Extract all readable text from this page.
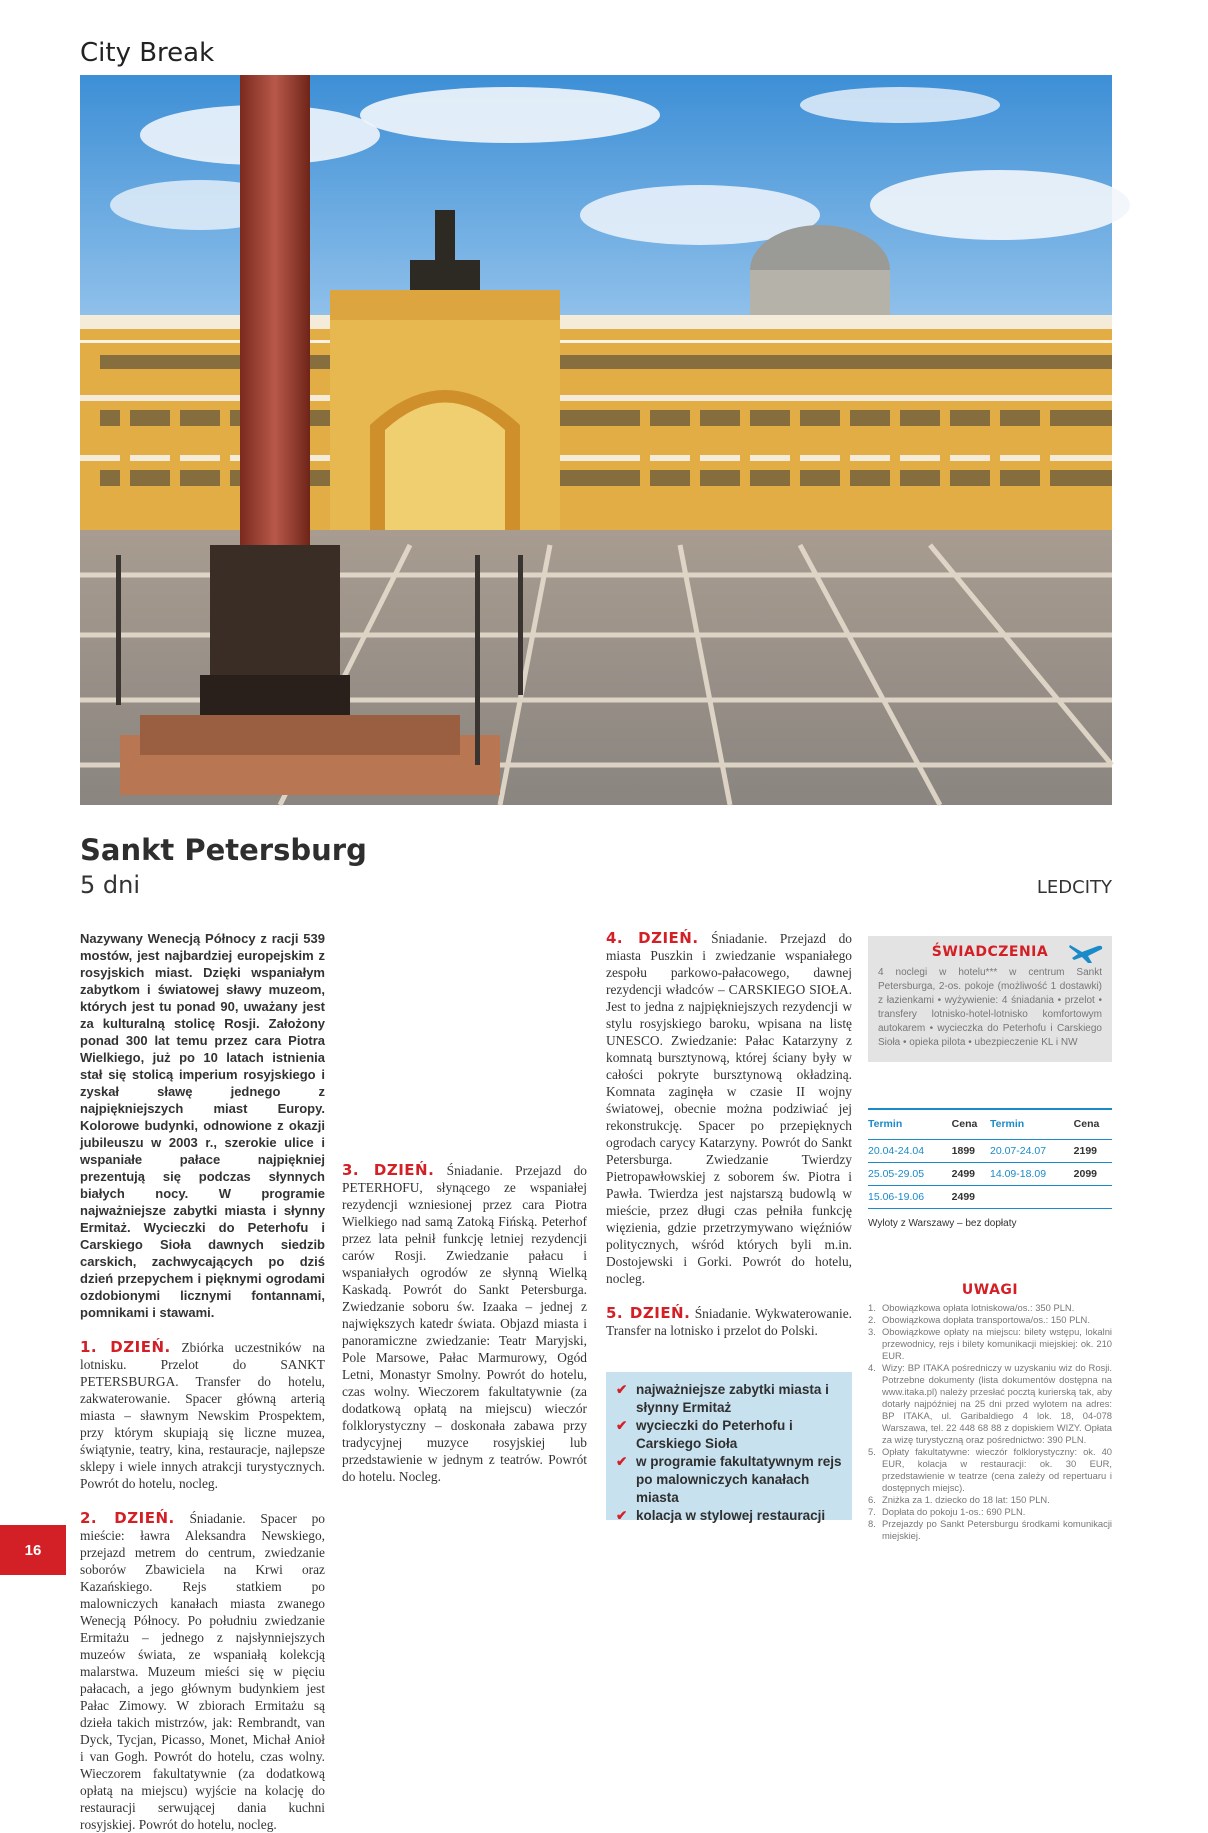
City Break
Sankt Petersburg
5 dni	LEDCITY

Nazywany Wenecją Północy z racji 539 mostów, jest najbardziej europejskim z rosyjskich miast. Dzięki wspaniałym zabytkom i światowej sławy muzeom, których jest tu ponad 90, uważany jest za kulturalną stolicę Rosji. Założony ponad 300 lat temu przez cara Piotra Wielkiego, już po 10 latach istnienia stał się stolicą imperium rosyjskiego i zyskał sławę jednego z najpiękniejszych miast Europy. Kolorowe budynki, odnowione z okazji jubileuszu w 2003 r., szerokie ulice i wspaniałe pałace najpiękniej prezentują się podczas słynnych białych nocy. W programie najważniejsze zabytki miasta i słynny Ermitaż. Wycieczki do Peterhofu i Carskiego Sioła dawnych siedzib carskich, zachwycających po dziś dzień przepychem i pięknymi ogrodami ozdobionymi licznymi fontannami, pomnikami i stawami.

1. DZIEŃ. Zbiórka uczestników na lotnisku. Przelot do SANKT PETERSBURGA. Transfer do hotelu, zakwaterowanie. Spacer główną arterią miasta – sławnym Newskim Prospektem, przy którym skupiają się liczne muzea, świątynie, teatry, kina, restauracje, najlepsze sklepy i wiele innych atrakcji turystycznych. Powrót do hotelu, nocleg.
2. DZIEŃ. Śniadanie. Spacer po mieście: ławra Aleksandra Newskiego, przejazd metrem do centrum, zwiedzanie soborów Zbawiciela na Krwi oraz Kazańskiego. Rejs statkiem po malowniczych kanałach miasta zwanego Wenecją Północy. Po południu zwiedzanie Ermitażu – jednego z najsłynniejszych muzeów świata, ze wspaniałą kolekcją malarstwa. Muzeum mieści się w pięciu pałacach, a jego głównym budynkiem jest Pałac Zimowy. W zbiorach Ermitażu są dzieła takich mistrzów, jak: Rembrandt, van Dyck, Tycjan, Picasso, Monet, Michał Anioł i van Gogh. Powrót do hotelu, czas wolny. Wieczorem fakultatywnie (za dodatkową opłatą na miejscu) wyjście na kolację do restauracji serwującej dania kuchni rosyjskiej. Powrót do hotelu, nocleg.
3. DZIEŃ. Śniadanie. Przejazd do PETERHOFU, słynącego ze wspaniałej rezydencji wzniesionej przez cara Piotra Wielkiego nad samą Zatoką Fińską. Peterhof przez lata pełnił funkcję letniej rezydencji carów Rosji. Zwiedzanie pałacu i wspaniałych ogrodów ze słynną Wielką Kaskadą. Powrót do Sankt Petersburga. Zwiedzanie soboru św. Izaaka – jednej z największych katedr świata. Objazd miasta i panoramiczne zwiedzanie: Teatr Maryjski, Pole Marsowe, Pałac Marmurowy, Ogód Letni, Monastyr Smolny. Powrót do hotelu, czas wolny. Wieczorem fakultatywnie (za dodatkową opłatą na miejscu) wieczór folklorystyczny – doskonała zabawa przy tradycyjnej muzyce rosyjskiej lub przedstawienie w jednym z teatrów. Powrót do hotelu. Nocleg.
4. DZIEŃ. Śniadanie. Przejazd do miasta Puszkin i zwiedzanie wspaniałego zespołu parkowo-pałacowego, dawnej rezydencji władców – CARSKIEGO SIOŁA. Jest to jedna z najpiękniejszych rezydencji w stylu rosyjskiego baroku, wpisana na listę UNESCO. Zwiedzanie: Pałac Katarzyny z komnatą bursztynową, której ściany były w całości pokryte bursztynową okładziną. Komnata zaginęła w czasie II wojny światowej, obecnie można podziwiać jej rekonstrukcję. Spacer po przepięknych ogrodach carycy Katarzyny. Powrót do Sankt Petersburga. Zwiedzanie Twierdzy Pietropawłowskiej z soborem św. Piotra i Pawła. Twierdza jest najstarszą budowlą w mieście, przez długi czas pełniła funkcję więzienia, gdzie przetrzymywano więźniów politycznych, wśród których byli m.in. Dostojewski i Gorki. Powrót do hotelu, nocleg.
5. DZIEŃ. Śniadanie. Wykwaterowanie. Transfer na lotnisko i przelot do Polski.
✔ najważniejsze zabytki miasta i słynny Ermitaż
✔ wycieczki do Peterhofu i Carskiego Sioła
✔ w programie fakultatywnym rejs po malowniczych kanałach miasta
✔ kolacja w stylowej restauracji
ŚWIADCZENIA
4 noclegi w hotelu*** w centrum Sankt Petersburga, 2-os. pokoje (możliwość 1 dostawki) z łazienkami • wyżywienie: 4 śniadania • przelot • transfery lotnisko-hotel-lotnisko komfortowym autokarem • wycieczka do Peterhofu i Carskiego Sioła • opieka pilota • ubezpieczenie KL i NW
Termin	Cena	Termin	Cena
20.04-24.04	1899	20.07-24.07	2199
25.05-29.05	2499	14.09-18.09	2099
15.06-19.06	2499		
Wyloty z Warszawy – bez dopłaty
UWAGI
1. Obowiązkowa opłata lotniskowa/os.: 350 PLN.
2. Obowiązkowa dopłata transportowa/os.: 150 PLN.
3. Obowiązkowe opłaty na miejscu: bilety wstępu, lokalni przewodnicy, rejs i bilety komunikacji miejskiej: ok. 210 EUR.
4. Wizy: BP ITAKA pośredniczy w uzyskaniu wiz do Rosji. Potrzebne dokumenty (lista dokumentów dostępna na www.itaka.pl) należy przesłać pocztą kurierską tak, aby dotarły najpóźniej na 25 dni przed wylotem na adres: BP ITAKA, ul. Garibaldiego 4 lok. 18, 04-078 Warszawa, tel. 22 448 68 88 z dopiskiem WIZY. Opłata za wizę turystyczną oraz pośrednictwo: 390 PLN.
5. Opłaty fakultatywne: wieczór folklorystyczny: ok. 40 EUR, kolacja w restauracji: ok. 30 EUR, przedstawienie w teatrze (cena zależy od repertuaru i dostępnych miejsc).
6. Zniżka za 1. dziecko do 18 lat: 150 PLN.
7. Dopłata do pokoju 1-os.: 690 PLN.
8. Przejazdy po Sankt Petersburgu środkami komunikacji miejskiej.
16
